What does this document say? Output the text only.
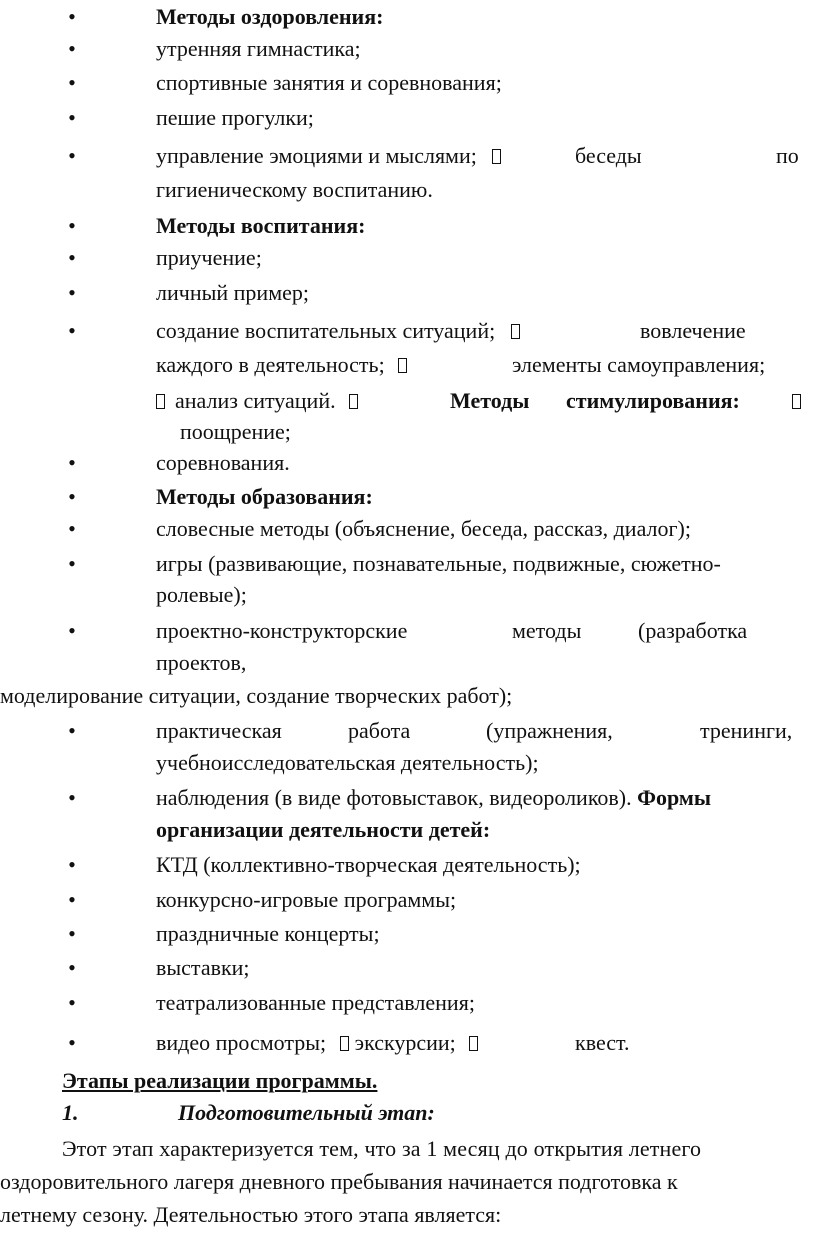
•	Методы оздоровления:
•	утренняя гимнастика;
•	спортивные занятия и соревнования;
•	пешие прогулки;
•	управление эмоциями и мыслями;	беседы	по
гигиеническому воспитанию.
•	Методы воспитания:
•	приучение;
•	личный пример;
•	создание воспитательных ситуаций;	вовлечение
каждого в деятельность;	элементы самоуправления;
анализ ситуаций.	Методы стимулирования:
поощрение;
•	соревнования.
•	Методы образования:
•	словесные методы (объяснение, беседа, рассказ, диалог);
•	игры (развивающие, познавательные, подвижные, сюжетно-
ролевые);
•	проектно-конструкторские	методы	(разработка
проектов,
моделирование ситуации, создание творческих работ);
•	практическая	работа	(упражнения,	тренинги,
учебноисследовательская деятельность);
•	наблюдения (в виде фотовыставок, видеороликов). Формы
организации деятельности детей:
•	КТД (коллективно-творческая деятельность);
•	конкурсно-игровые программы;
•	праздничные концерты;
•	выставки;
•	театрализованные представления;
•	видео просмотры; экскурсии;	квест.
Этапы реализации программы.
1.	Подготовительный этап:
Этот этап характеризуется тем, что за 1 месяц до открытия летнего
оздоровительного лагеря дневного пребывания начинается подготовка к
летнему сезону. Деятельностью этого этапа является:
